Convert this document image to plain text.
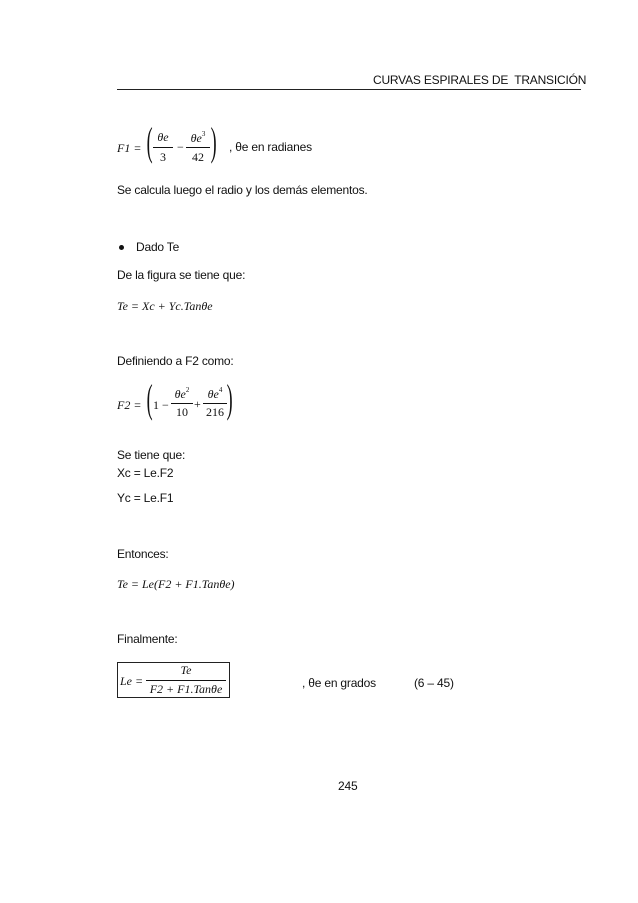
CURVAS ESPIRALES DE  TRANSICIÓN
F1 = ( θe
3
−
$\theta e^3$
42 ) , θe en radianes
Se calcula luego el radio y los demás elementos.
Dado Te
De la figura se tiene que:
Te = Xc + Yc.Tanθe
Definiendo a F2 como:
F2 = ( 1 −
$\theta e^2$
10
+
$\theta e^4$
216 )
Se tiene que:
Xc = Le.F2
Yc = Le.F1
Entonces:
Te = Le(F2 + F1.Tanθe)
Finalmente:
Le =
Te
F2 + F1.Tanθe	, θe en grados	(6 – 45)
245
